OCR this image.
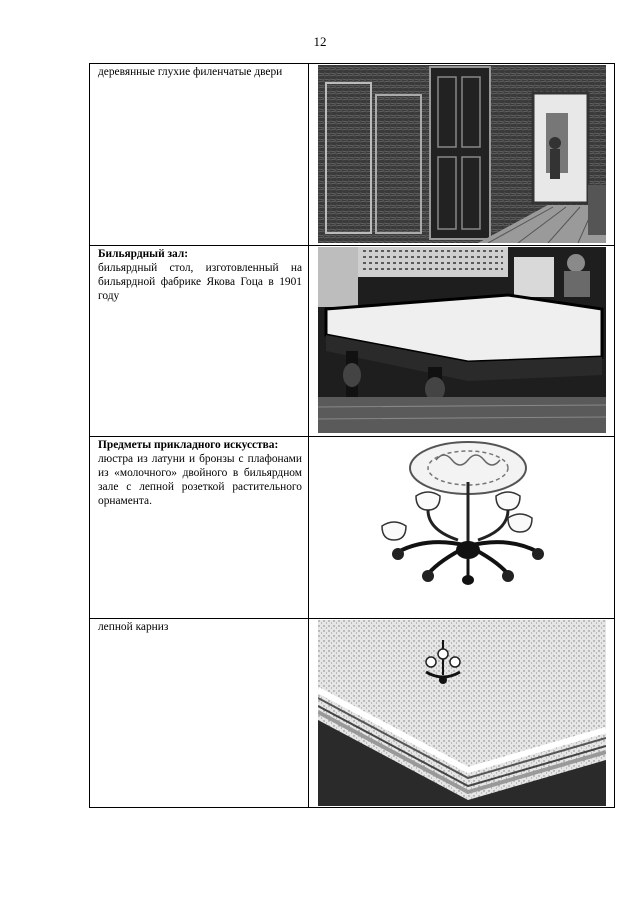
12
деревянные глухие филенчатые двери

Бильярдный зал:
бильярдный стол, изготовленный на бильярдной фабрике Якова Гоца в 1901 году

Предметы прикладного искусства:
люстра из латуни и бронзы с плафонами из «молочного» двойного в бильярдном зале с лепной розеткой растительного орнамента.

лепной карниз
